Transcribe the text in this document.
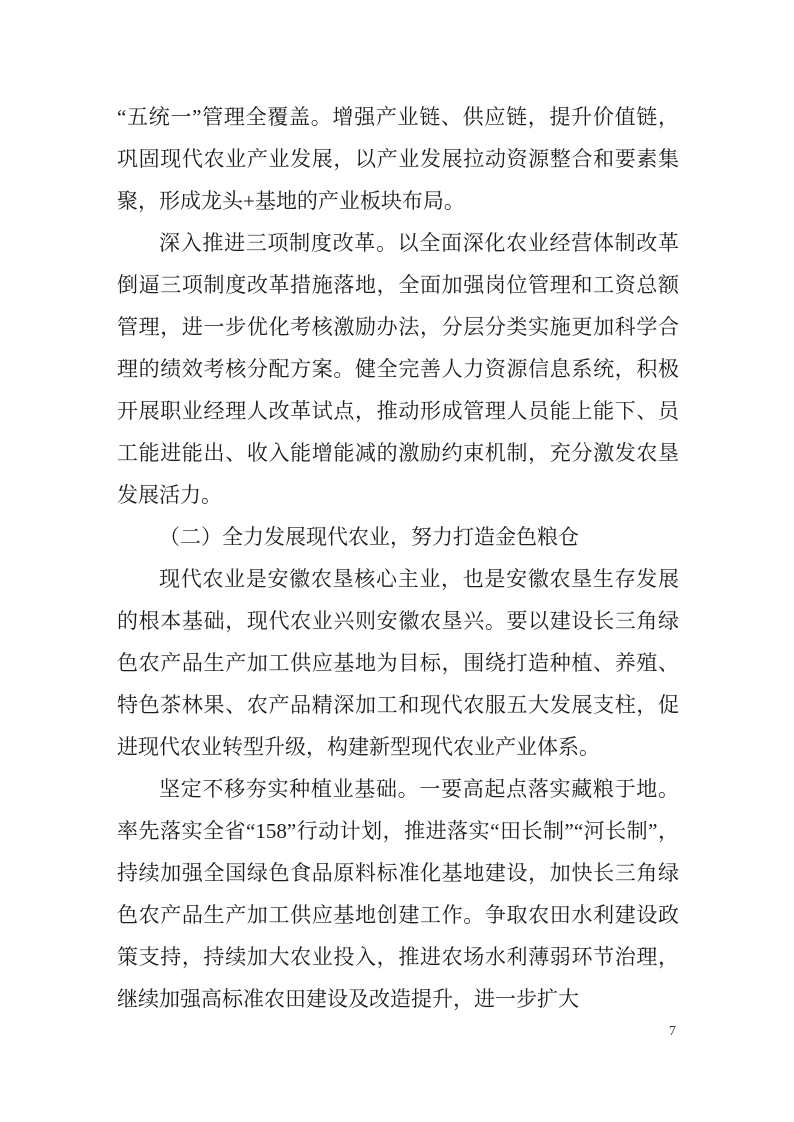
“五统一”管理全覆盖。增强产业链、供应链，提升价值链，巩固现代农业产业发展，以产业发展拉动资源整合和要素集聚，形成龙头+基地的产业板块布局。

深入推进三项制度改革。以全面深化农业经营体制改革倒逼三项制度改革措施落地，全面加强岗位管理和工资总额管理，进一步优化考核激励办法，分层分类实施更加科学合理的绩效考核分配方案。健全完善人力资源信息系统，积极开展职业经理人改革试点，推动形成管理人员能上能下、员工能进能出、收入能增能减的激励约束机制，充分激发农垦发展活力。

（二）全力发展现代农业，努力打造金色粮仓

现代农业是安徽农垦核心主业，也是安徽农垦生存发展的根本基础，现代农业兴则安徽农垦兴。要以建设长三角绿色农产品生产加工供应基地为目标，围绕打造种植、养殖、特色茶林果、农产品精深加工和现代农服五大发展支柱，促进现代农业转型升级，构建新型现代农业产业体系。

坚定不移夯实种植业基础。一要高起点落实藏粮于地。率先落实全省“158”行动计划，推进落实“田长制”“河长制”，持续加强全国绿色食品原料标准化基地建设，加快长三角绿色农产品生产加工供应基地创建工作。争取农田水利建设政策支持，持续加大农业投入，推进农场水利薄弱环节治理，继续加强高标准农田建设及改造提升，进一步扩大

7
